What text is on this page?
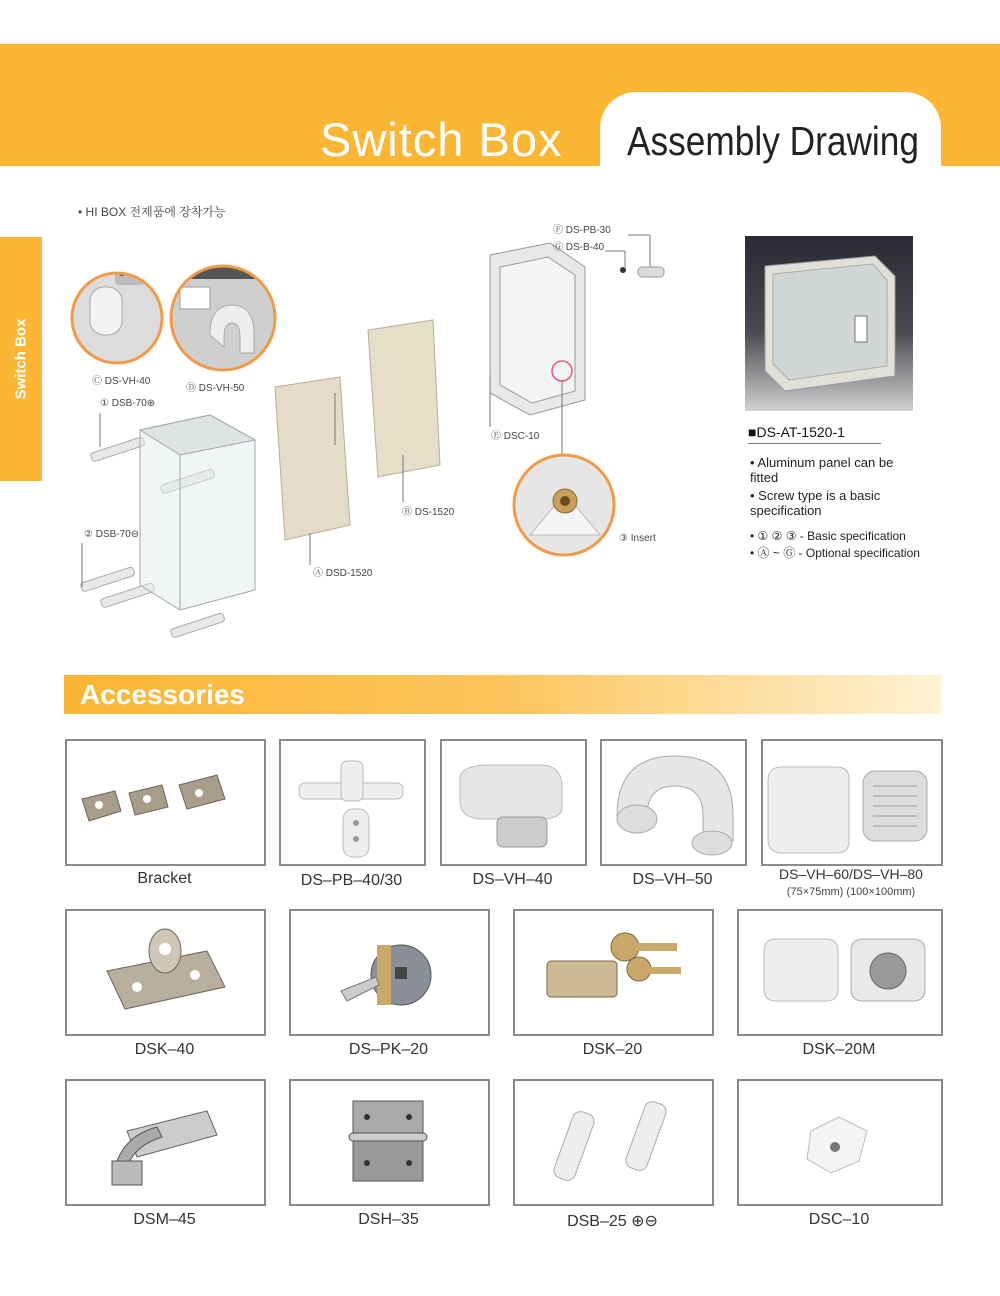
Switch Box Assembly Drawing
Switch Box
• HI BOX 전제품에 장착가능
Ⓒ DS-VH-40
Ⓓ DS-VH-50
① DSB-70⊕
② DSB-70⊖
Ⓐ DSD-1520
Ⓑ DS-1520
Ⓔ DSC-10
Ⓕ DS-PB-30
Ⓖ DS-B-40
③ Insert
■DS-AT-1520-1
• Aluminum panel can be fitted
• Screw type is a basic specification
• ① ② ③ - Basic specification
• Ⓐ ~ Ⓖ - Optional specification
Accessories
Bracket	DS–PB–40/30	DS–VH–40	DS–VH–50	DS–VH–60/DS–VH–80
(75×75mm) (100×100mm)
DSK–40	DS–PK–20	DSK–20	DSK–20M
DSM–45	DSH–35	DSB–25 ⊕⊖	DSC–10
